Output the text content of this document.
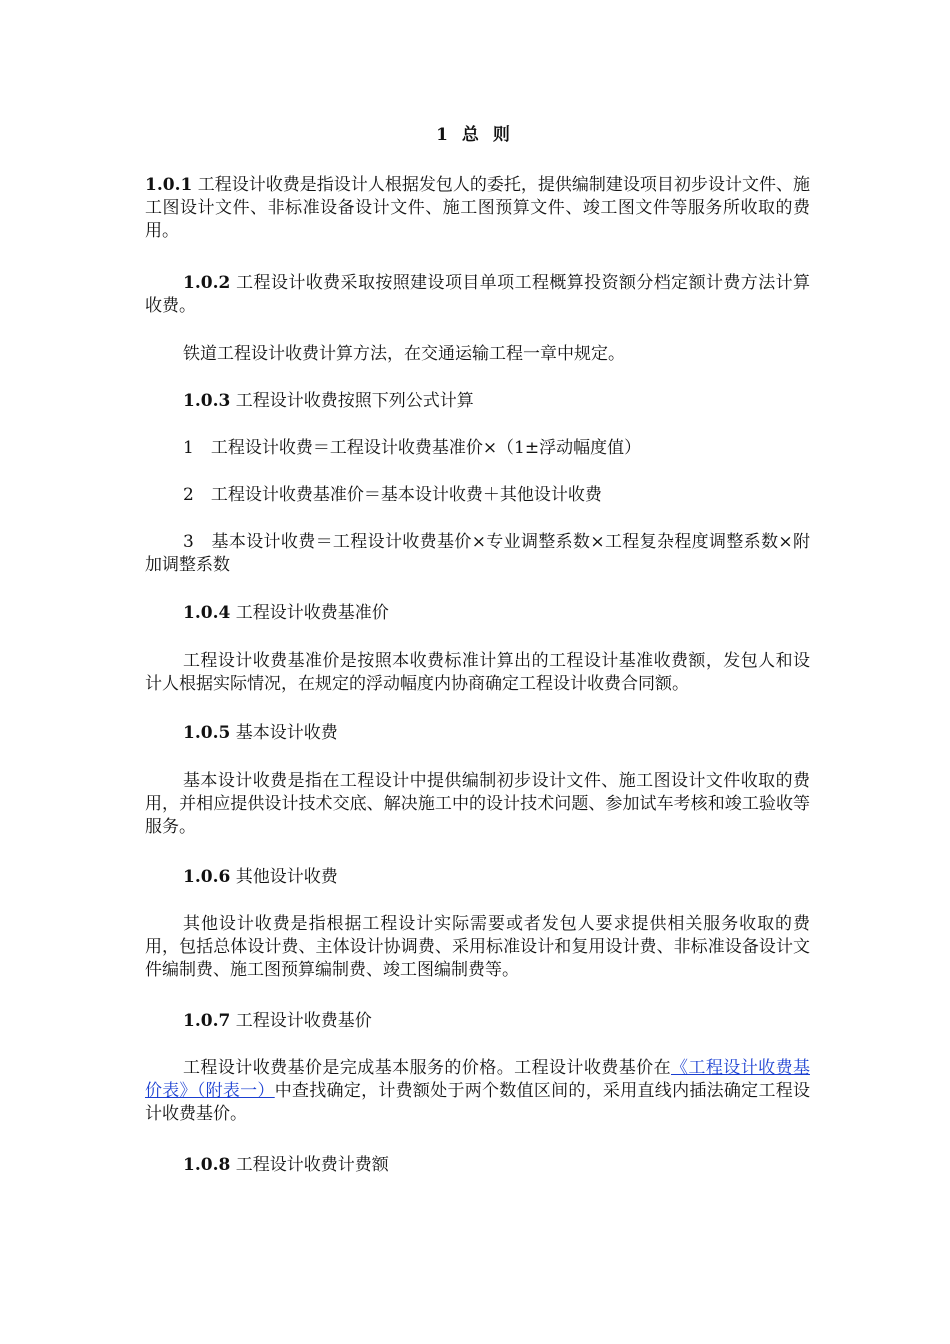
1 总 则

1.0.1 工程设计收费是指设计人根据发包人的委托，提供编制建设项目初步设计文件、施工图设计文件、非标准设备设计文件、施工图预算文件、竣工图文件等服务所收取的费用。

1.0.2 工程设计收费采取按照建设项目单项工程概算投资额分档定额计费方法计算收费。

铁道工程设计收费计算方法，在交通运输工程一章中规定。

1.0.3 工程设计收费按照下列公式计算

1　工程设计收费＝工程设计收费基准价×（1±浮动幅度值）

2　工程设计收费基准价＝基本设计收费＋其他设计收费

3　基本设计收费＝工程设计收费基价×专业调整系数×工程复杂程度调整系数×附加调整系数

1.0.4 工程设计收费基准价

工程设计收费基准价是按照本收费标准计算出的工程设计基准收费额，发包人和设计人根据实际情况，在规定的浮动幅度内协商确定工程设计收费合同额。

1.0.5 基本设计收费

基本设计收费是指在工程设计中提供编制初步设计文件、施工图设计文件收取的费用，并相应提供设计技术交底、解决施工中的设计技术问题、参加试车考核和竣工验收等服务。

1.0.6 其他设计收费

其他设计收费是指根据工程设计实际需要或者发包人要求提供相关服务收取的费用，包括总体设计费、主体设计协调费、采用标准设计和复用设计费、非标准设备设计文件编制费、施工图预算编制费、竣工图编制费等。

1.0.7 工程设计收费基价

工程设计收费基价是完成基本服务的价格。工程设计收费基价在《工程设计收费基价表》（附表一）中查找确定，计费额处于两个数值区间的，采用直线内插法确定工程设计收费基价。

1.0.8 工程设计收费计费额
